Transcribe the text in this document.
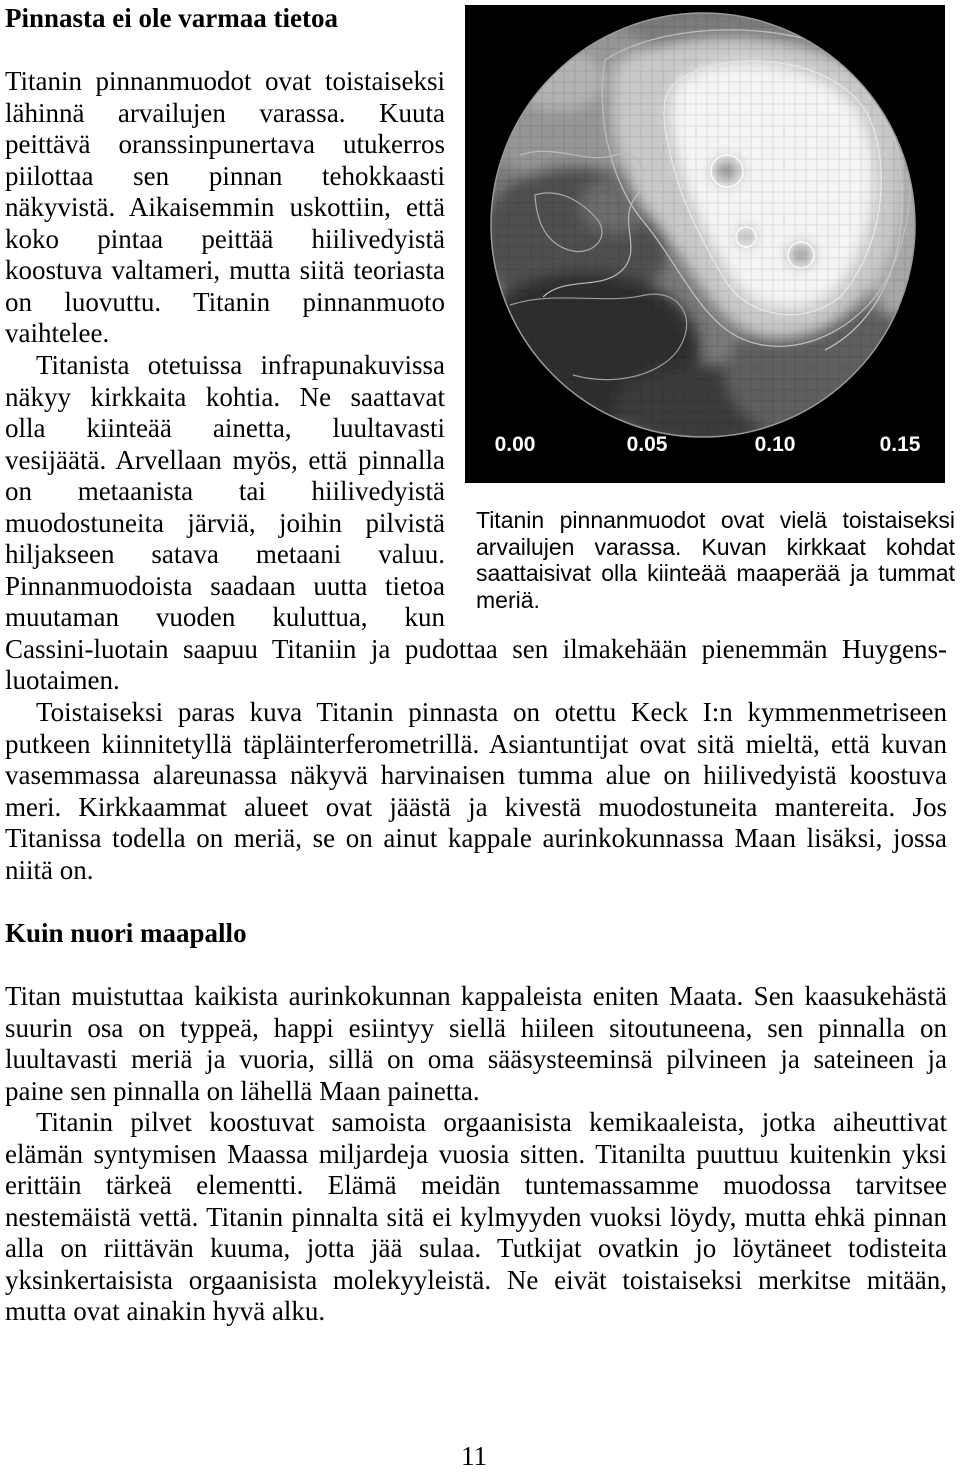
Pinnasta ei ole varmaa tietoa
Titanin pinnanmuodot ovat toistaiseksi
lähinnä arvailujen varassa. Kuuta
peittävä oranssinpunertava utukerros
piilottaa sen pinnan tehokkaasti
näkyvistä. Aikaisemmin uskottiin, että
koko pintaa peittää hiilivedyistä
koostuva valtameri, mutta siitä teoriasta
on luovuttu. Titanin pinnanmuoto
vaihtelee.
Titanista otetuissa infrapunakuvissa
näkyy kirkkaita kohtia. Ne saattavat
olla kiinteää ainetta, luultavasti
vesijäätä. Arvellaan myös, että pinnalla
on metaanista tai hiilivedyistä
muodostuneita järviä, joihin pilvistä
hiljakseen satava metaani valuu.
Pinnanmuodoista saadaan uutta tietoa
muutaman vuoden kuluttua, kun
Cassini-luotain saapuu Titaniin ja pudottaa sen ilmakehään pienemmän Huygens-
luotaimen.
Toistaiseksi paras kuva Titanin pinnasta on otettu Keck I:n kymmenmetriseen
putkeen kiinnitetyllä täpläinterferometrillä. Asiantuntijat ovat sitä mieltä, että kuvan
vasemmassa alareunassa näkyvä harvinaisen tumma alue on hiilivedyistä koostuva
meri. Kirkkaammat alueet ovat jäästä ja kivestä muodostuneita mantereita. Jos
Titanissa todella on meriä, se on ainut kappale aurinkokunnassa Maan lisäksi, jossa
niitä on.
Kuin nuori maapallo
Titan muistuttaa kaikista aurinkokunnan kappaleista eniten Maata. Sen kaasukehästä
suurin osa on typpeä, happi esiintyy siellä hiileen sitoutuneena, sen pinnalla on
luultavasti meriä ja vuoria, sillä on oma sääsysteeminsä pilvineen ja sateineen ja
paine sen pinnalla on lähellä Maan painetta.
Titanin pilvet koostuvat samoista orgaanisista kemikaaleista, jotka aiheuttivat
elämän syntymisen Maassa miljardeja vuosia sitten. Titanilta puuttuu kuitenkin yksi
erittäin tärkeä elementti. Elämä meidän tuntemassamme muodossa tarvitsee
nestemäistä vettä. Titanin pinnalta sitä ei kylmyyden vuoksi löydy, mutta ehkä pinnan
alla on riittävän kuuma, jotta jää sulaa. Tutkijat ovatkin jo löytäneet todisteita
yksinkertaisista orgaanisista molekyyleistä. Ne eivät toistaiseksi merkitse mitään,
mutta ovat ainakin hyvä alku.
0.00	0.05	0.10	0.15
Titanin pinnanmuodot ovat vielä toistaiseksi
arvailujen varassa. Kuvan kirkkaat kohdat
saattaisivat olla kiinteää maaperää ja tummat
meriä.
11
